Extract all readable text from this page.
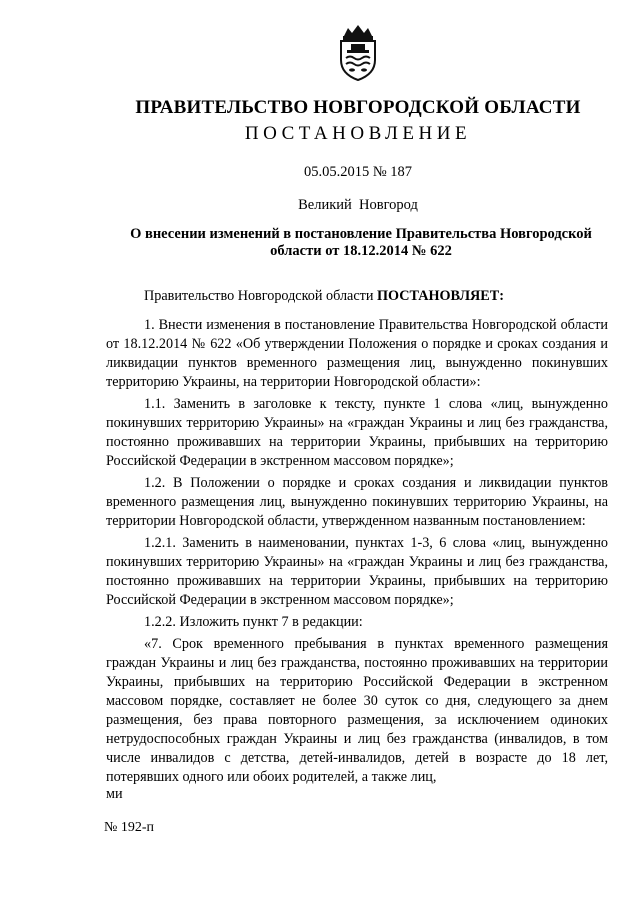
ПРАВИТЕЛЬСТВО НОВГОРОДСКОЙ ОБЛАСТИ
ПОСТАНОВЛЕНИЕ
05.05.2015 № 187
Великий  Новгород
О внесении изменений в постановление Правительства Новгородской
области от 18.12.2014 № 622

Правительство Новгородской области ПОСТАНОВЛЯЕТ:

1. Внести изменения в постановление Правительства Новгородской области от 18.12.2014 № 622 «Об утверждении Положения о порядке и сроках создания и ликвидации пунктов временного размещения лиц, вынужденно покинувших территорию Украины, на территории Новгородской области»:

1.1. Заменить в заголовке к тексту, пункте 1 слова «лиц, вынужденно покинувших территорию Украины» на «граждан Украины и лиц без гражданства, постоянно проживавших на территории Украины, прибывших на территорию Российской Федерации в экстренном массовом порядке»;

1.2. В Положении о порядке и сроках создания и ликвидации пунктов временного размещения лиц, вынужденно покинувших территорию Украины, на территории Новгородской области, утвержденном названным постановлением:

1.2.1. Заменить в наименовании, пунктах 1-3, 6 слова «лиц, вынужденно покинувших территорию Украины» на «граждан Украины и лиц без гражданства, постоянно проживавших на территории Украины, прибывших на территорию Российской Федерации в экстренном массовом порядке»;

1.2.2. Изложить пункт 7 в редакции:

«7. Срок временного пребывания в пунктах временного размещения граждан Украины и лиц без гражданства, постоянно проживавших на территории Украины, прибывших на территорию Российской Федерации в экстренном массовом порядке, составляет не более 30 суток со дня, следующего за днем размещения, без права повторного размещения, за исключением одиноких нетрудоспособных граждан Украины и лиц без гражданства (инвалидов, в том числе инвалидов с детства, детей-инвалидов, детей в возрасте до 18 лет, потерявших одного или обоих родителей, а также лиц,

ми
№ 192-п
